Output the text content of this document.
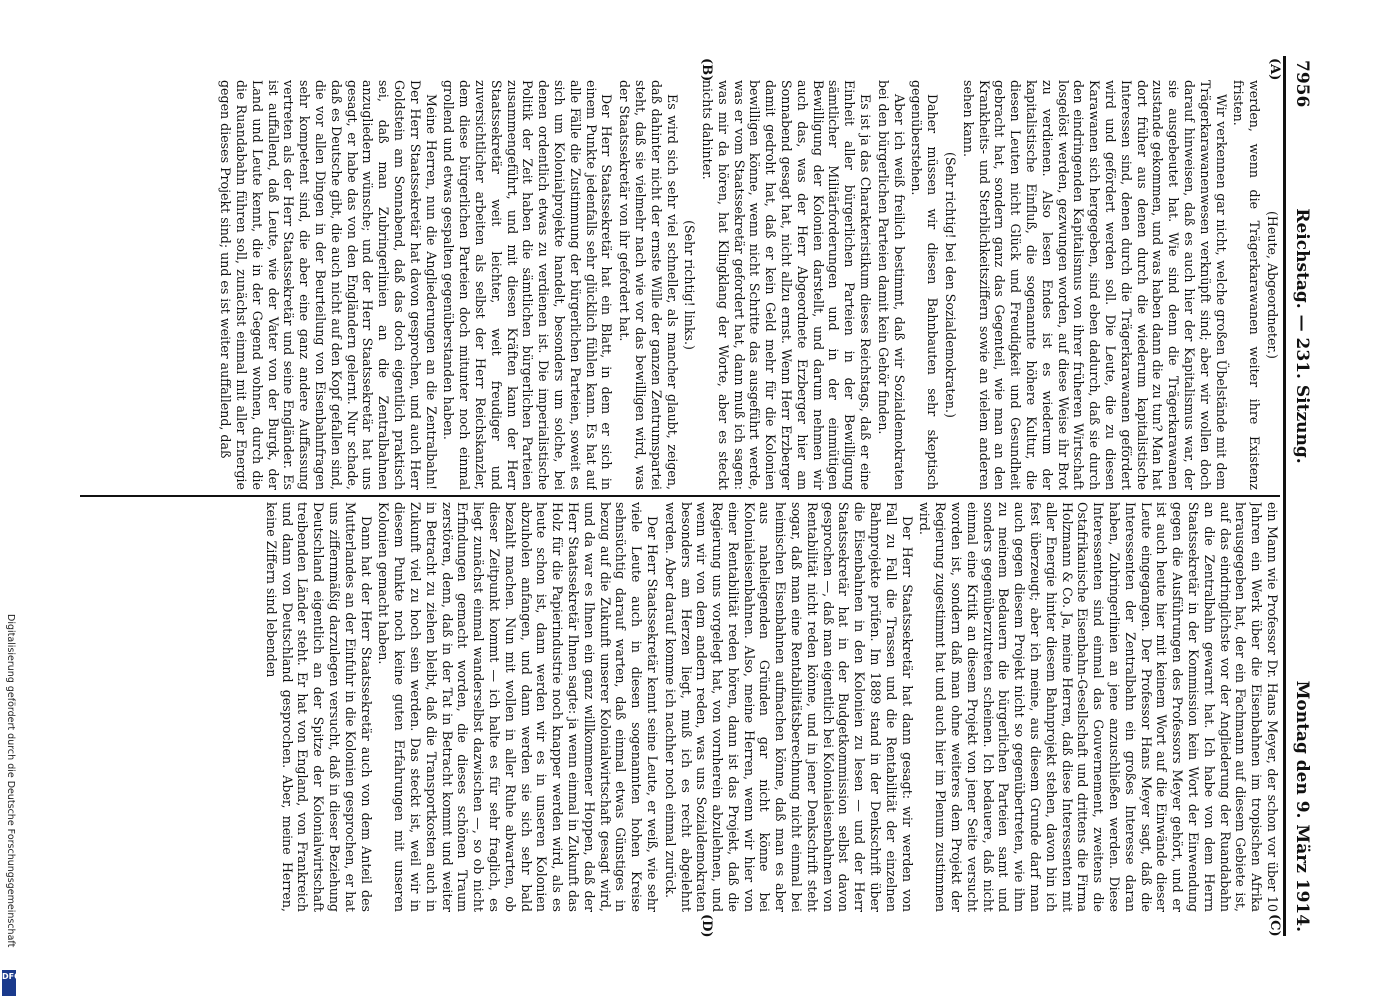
7956
Reichstag. — 231. Sitzung.
Montag den 9. März 1914.
(A)
(B)
(C)
(D)

(Heute, Abgeordneter.)

werden, wenn die Trägerkarawanen weiter ihre Existenz fristen.

Wir verkennen gar nicht, welche großen Übelstände mit dem Trägerkarawanenwesen verknüpft sind; aber wir wollen doch darauf hinweisen, daß es auch hier der Kapitalismus war, der sie ausgebeutet hat. Wie sind denn die Trägerkarawanen zustande gekommen, und was haben dann die zu tun? Man hat dort früher aus denen durch die wiederum kapitalistische Interessen sind, denen durch die Trägerkarawanen gefördert wird und gefördert werden soll. Die Leute, die zu diesen Karawanen sich hergegeben, sind eben dadurch, daß sie durch den eindringenden Kapitalismus von ihrer früheren Wirtschaft losgelöst werden, gezwungen worden, auf diese Weise ihr Brot zu verdienen. Also lesen Endes ist es wiederum der kapitalistische Einfluß, die sogenannte höhere Kultur, die diesen Leuten nicht Glück und Freudigkeit und Gesundheit gebracht hat, sondern ganz das Gegenteil, wie man an den Krankheits- und Sterblichkeitsziffern sowie an vielem anderen sehen kann.

(Sehr richtig! bei den Sozialdemokraten.)

Daher müssen wir diesen Bahnbauten sehr skeptisch gegenüberstehen.

Aber ich weiß freilich bestimmt, daß wir Sozialdemokraten bei den bürgerlichen Parteien damit kein Gehör finden.

Es ist ja das Charakteristikum dieses Reichstags, daß er eine Einheit aller bürgerlichen Parteien in der Bewilligung sämtlicher Militärforderungen und in der einmütigen Bewilligung der Kolonien darstellt, und darum nehmen wir auch das, was der Herr Abgeordnete Erzberger hier am Sonnabend gesagt hat, nicht allzu ernst. Wenn Herr Erzberger damit gedroht hat, daß er kein Geld mehr für die Kolonien bewilligen könne, wenn nicht Schritte das ausgeführt werde, was er vom Staatssekretär gefordert hat, dann muß ich sagen: was mir da hören, hat Klingklang der Worte, aber es steckt nichts dahinter.

(Sehr richtig! links.)

Es wird sich sehr viel schneller, als mancher glaubt, zeigen, daß dahinter nicht der ernste Wille der ganzen Zentrumspartei steht, daß sie vielmehr nach wie vor das bewilligen wird, was der Staatssekretär von ihr gefordert hat.

Der Herr Staatssekretär hat ein Blatt, in dem er sich in einem Punkte jedenfalls sehr glücklich fühlen kann. Es hat auf alle Fälle die Zustimmung der bürgerlichen Parteien, soweit es sich um Kolonialprojekte handelt, besonders um solche, bei denen ordentlich etwas zu verdienen ist. Die imperialistische Politik der Zeit haben die sämtlichen bürgerlichen Parteien zusammengeführt, und mit diesen Kräften kann der Herr Staatssekretär weit leichter, weit freudiger und zuversichtlicher arbeiten als selbst der Herr Reichskanzler, dem diese bürgerlichen Parteien doch mitunter noch einmal grollend und etwas gespalten gegenüberstanden haben.

Meine Herren, nun die Angliederungen an die Zentralbahn! Der Herr Staatssekretär hat davon gesprochen, und auch Herr Goldstein am Sonnabend, daß das doch eigentlich praktisch sei, daß man Zubringerlinien an die Zentralbahnen anzugliedern wünsche; und der Herr Staatssekretär hat uns gesagt, er habe das von den Engländern gelernt. Nur schade, daß es Deutsche gibt, die auch nicht auf den Kopf gefallen sind, die vor allen Dingen in der Beurteilung von Eisenbahnfragen sehr kompetent sind, die aber eine ganz andere Auffassung vertreten als der Herr Staatssekretär und seine Engländer. Es ist auffallend, daß Leute, wie der Vater von der Burgk, der Land und Leute kennt, die in der Gegend wohnen, durch die die Ruandabahn führen soll, zunächst einmal mit aller Energie gegen dieses Projekt sind; und es ist weiter auffallend, daß

ein Mann wie Professor Dr. Hans Meyer, der schon vor über 10 Jahren ein Werk über die Eisenbahnen im tropischen Afrika herausgegeben hat, der ein Fachmann auf diesem Gebiete ist, auf das eindringlichste vor der Angliederung der Ruandabahn an die Zentralbahn gewarnt hat. Ich habe von dem Herrn Staatssekretär in der Kommission kein Wort der Einwendung gegen die Ausführungen des Professors Meyer gehört, und er ist auch heute hier mit keinem Wort auf die Einwände dieser Leute eingegangen. Der Professor Hans Meyer sagt, daß die Interessenten der Zentralbahn ein großes Interesse daran haben, Zubringerlinien an jene anzuschließen werden. Diese Interessenten sind einmal das Gouvernement, zweitens die Ostafrikanische Eisenbahn-Gesellschaft und drittens die Firma Holzmann & Co. Ja, meine Herren, daß diese Interessenten mit aller Energie hinter diesem Bahnprojekt stehen, davon bin ich fest überzeugt; aber ich meine, aus diesem Grunde darf man auch gegen diesem Projekt nicht so gegenübertreten, wie ihm zu meinem Bedauern die bürgerlichen Parteien samt und sonders gegenüberzutreten scheinen. Ich bedauere, daß nicht einmal eine Kritik an diesem Projekt von jener Seite versucht worden ist, sondern daß man ohne weiteres dem Projekt der Regierung zugestimmt hat und auch hier im Plenum zustimmen wird.

Der Herr Staatssekretär hat dann gesagt: wir werden von Fall zu Fall die Trassen und die Rentabilität der einzelnen Bahnprojekte prüfen. Im 1889 stand in der Denkschrift über die Eisenbahnen in den Kolonien zu lesen — und der Herr Staatssekretär hat in der Budgetkommission selbst davon gesprochen —, daß man eigentlich bei Kolonialeisenbahnen von Rentabilität nicht reden könne, und in jener Denkschrift steht sogar, daß man eine Rentabilitätsberechnung nicht einmal bei heimischen Eisenbahnen aufmachen könne, daß man es aber aus naheliegenden Gründen gar nicht könne bei Kolonialeisenbahnen. Also, meine Herren, wenn wir hier von einer Rentabilität reden hören, dann ist das Projekt, daß die Regierung uns vorgelegt hat, von vornherein abzulehnen, und wenn wir von dem andern reden, was uns Sozialdemokraten besonders am Herzen liegt, muß ich es recht abgelehnt werden. Aber darauf komme ich nachher noch einmal zurück.

Der Herr Staatssekretär kennt seine Leute, er weiß, wie sehr viele Leute auch in diesen sogenannten hohen Kreise sehnsüchtig darauf warten, daß einmal etwas Günstiges in bezug auf die Zukunft unserer Kolonialwirtschaft gesagt wird, und da war es Ihnen ein ganz willkommener Hoppen, daß der Herr Staatssekretär Ihnen sagte: ja wenn einmal in Zukunft das Holz für die Papierindustrie noch knapper werden wird, als es heute schon ist, dann werden wir es in unseren Kolonien abzuholen anfangen, und dann werden sie sich sehr bald bezahlt machen. Nun mit wollen in aller Ruhe abwarten, ob dieser Zeitpunkt kommt — ich halte es für sehr fraglich, es liegt zunächst einmal wanderselbst dazwischen —, so ob nicht Erfindungen gemacht worden, die dieses schönen Traum zerstören, denn, daß in der Tat in Betracht kommt und weiter in Betracht zu ziehen bleibt, daß die Transportkosten auch in Zukunft viel zu hoch sein werden. Das steckt ist, weil wir in diesem Punkte noch keine guten Erfahrungen mit unseren Kolonien gemacht haben.

Dann hat der Herr Staatssekretär auch von dem Anteil des Mutterlandes an der Einfuhr in die Kolonien gesprochen, er hat uns ziffernmäßig darzulegen versucht, daß in dieser Beziehung Deutschland eigentlich an der Spitze der Kolonialwirtschaft treibenden Länder steht. Er hat von England, von Frankreich und dann von Deutschland gesprochen. Aber, meine Herren, keine Ziffern sind lebenden

Digitalisierung gefördert durch die Deutsche Forschungsgemeinschaft
DFG
